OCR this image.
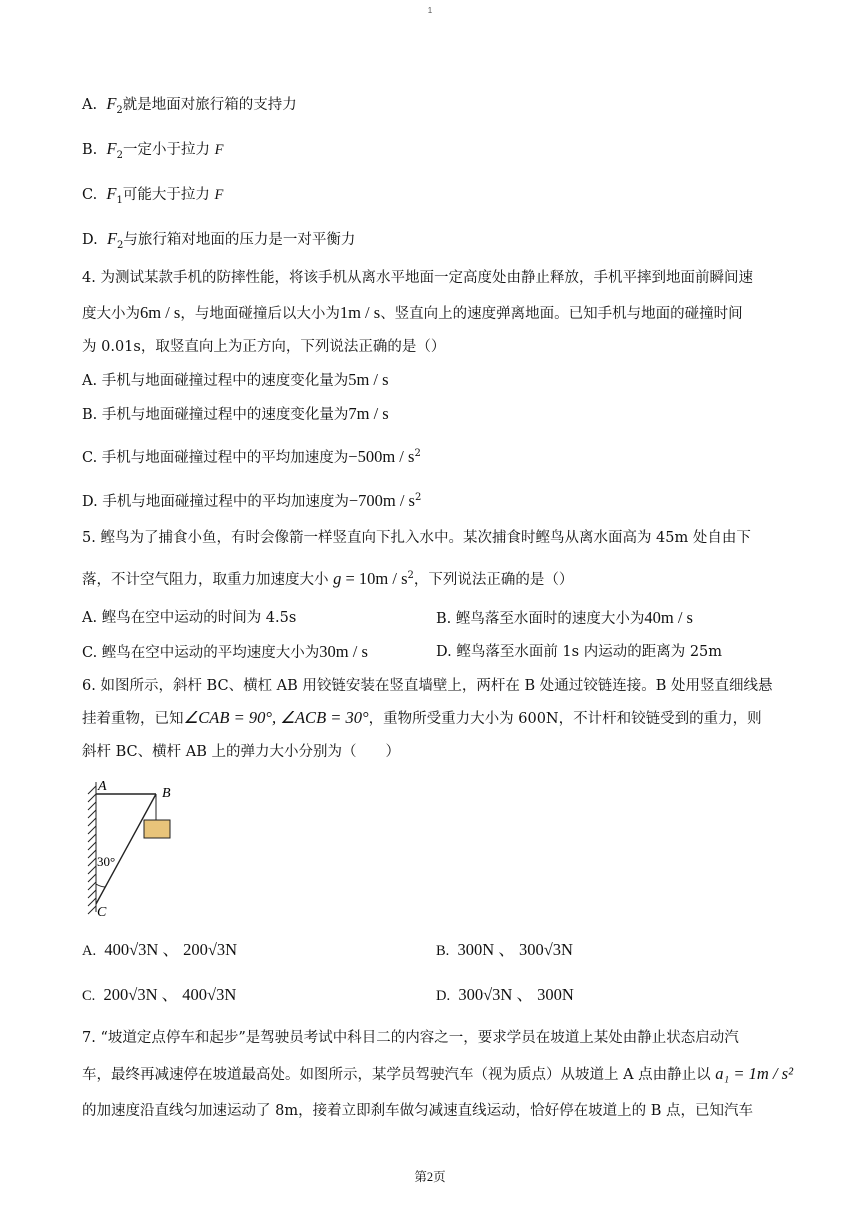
1
A. $F_2$就是地面对旅行箱的支持力
B. $F_2$一定小于拉力 F
C. $F_1$可能大于拉力 F
D. $F_2$与旅行箱对地面的压力是一对平衡力
4. 为测试某款手机的防摔性能，将该手机从离水平地面一定高度处由静止释放，手机平摔到地面前瞬间速
度大小为6m / s，与地面碰撞后以大小为1m / s、竖直向上的速度弹离地面。已知手机与地面的碰撞时间
为 0.01s，取竖直向上为正方向，下列说法正确的是（）
A. 手机与地面碰撞过程中的速度变化量为5m / s
B. 手机与地面碰撞过程中的速度变化量为7m / s
C. 手机与地面碰撞过程中的平均加速度为$-500m / s^2$
D. 手机与地面碰撞过程中的平均加速度为$-700m / s^2$
5. 鲣鸟为了捕食小鱼，有时会像箭一样竖直向下扎入水中。某次捕食时鲣鸟从离水面高为 45m 处自由下
落，不计空气阻力，取重力加速度大小 $g = 10m / s^2$，下列说法正确的是（）
A. 鲣鸟在空中运动的时间为 4.5s	B. 鲣鸟落至水面时的速度大小为40m / s
C. 鲣鸟在空中运动的平均速度大小为30m / s	D. 鲣鸟落至水面前 1s 内运动的距离为 25m
6. 如图所示，斜杆 BC、横杠 AB 用铰链安装在竖直墙壁上，两杆在 B 处通过铰链连接。B 处用竖直细线悬
挂着重物，已知∠CAB = 90°, ∠ACB = 30°，重物所受重力大小为 600N，不计杆和铰链受到的重力，则
斜杆 BC、横杆 AB 上的弹力大小分别为（　　）
A	B
C
30°
A. 400√3N 、 200√3N	B. 300N 、 300√3N
C. 200√3N 、 400√3N	D. 300√3N 、 300N
7. “坡道定点停车和起步”是驾驶员考试中科目二的内容之一，要求学员在坡道上某处由静止状态启动汽
车，最终再减速停在坡道最高处。如图所示，某学员驾驶汽车（视为质点）从坡道上 A 点由静止以 a₁ = 1m / s²
的加速度沿直线匀加速运动了 8m，接着立即刹车做匀减速直线运动，恰好停在坡道上的 B 点，已知汽车
第2页
